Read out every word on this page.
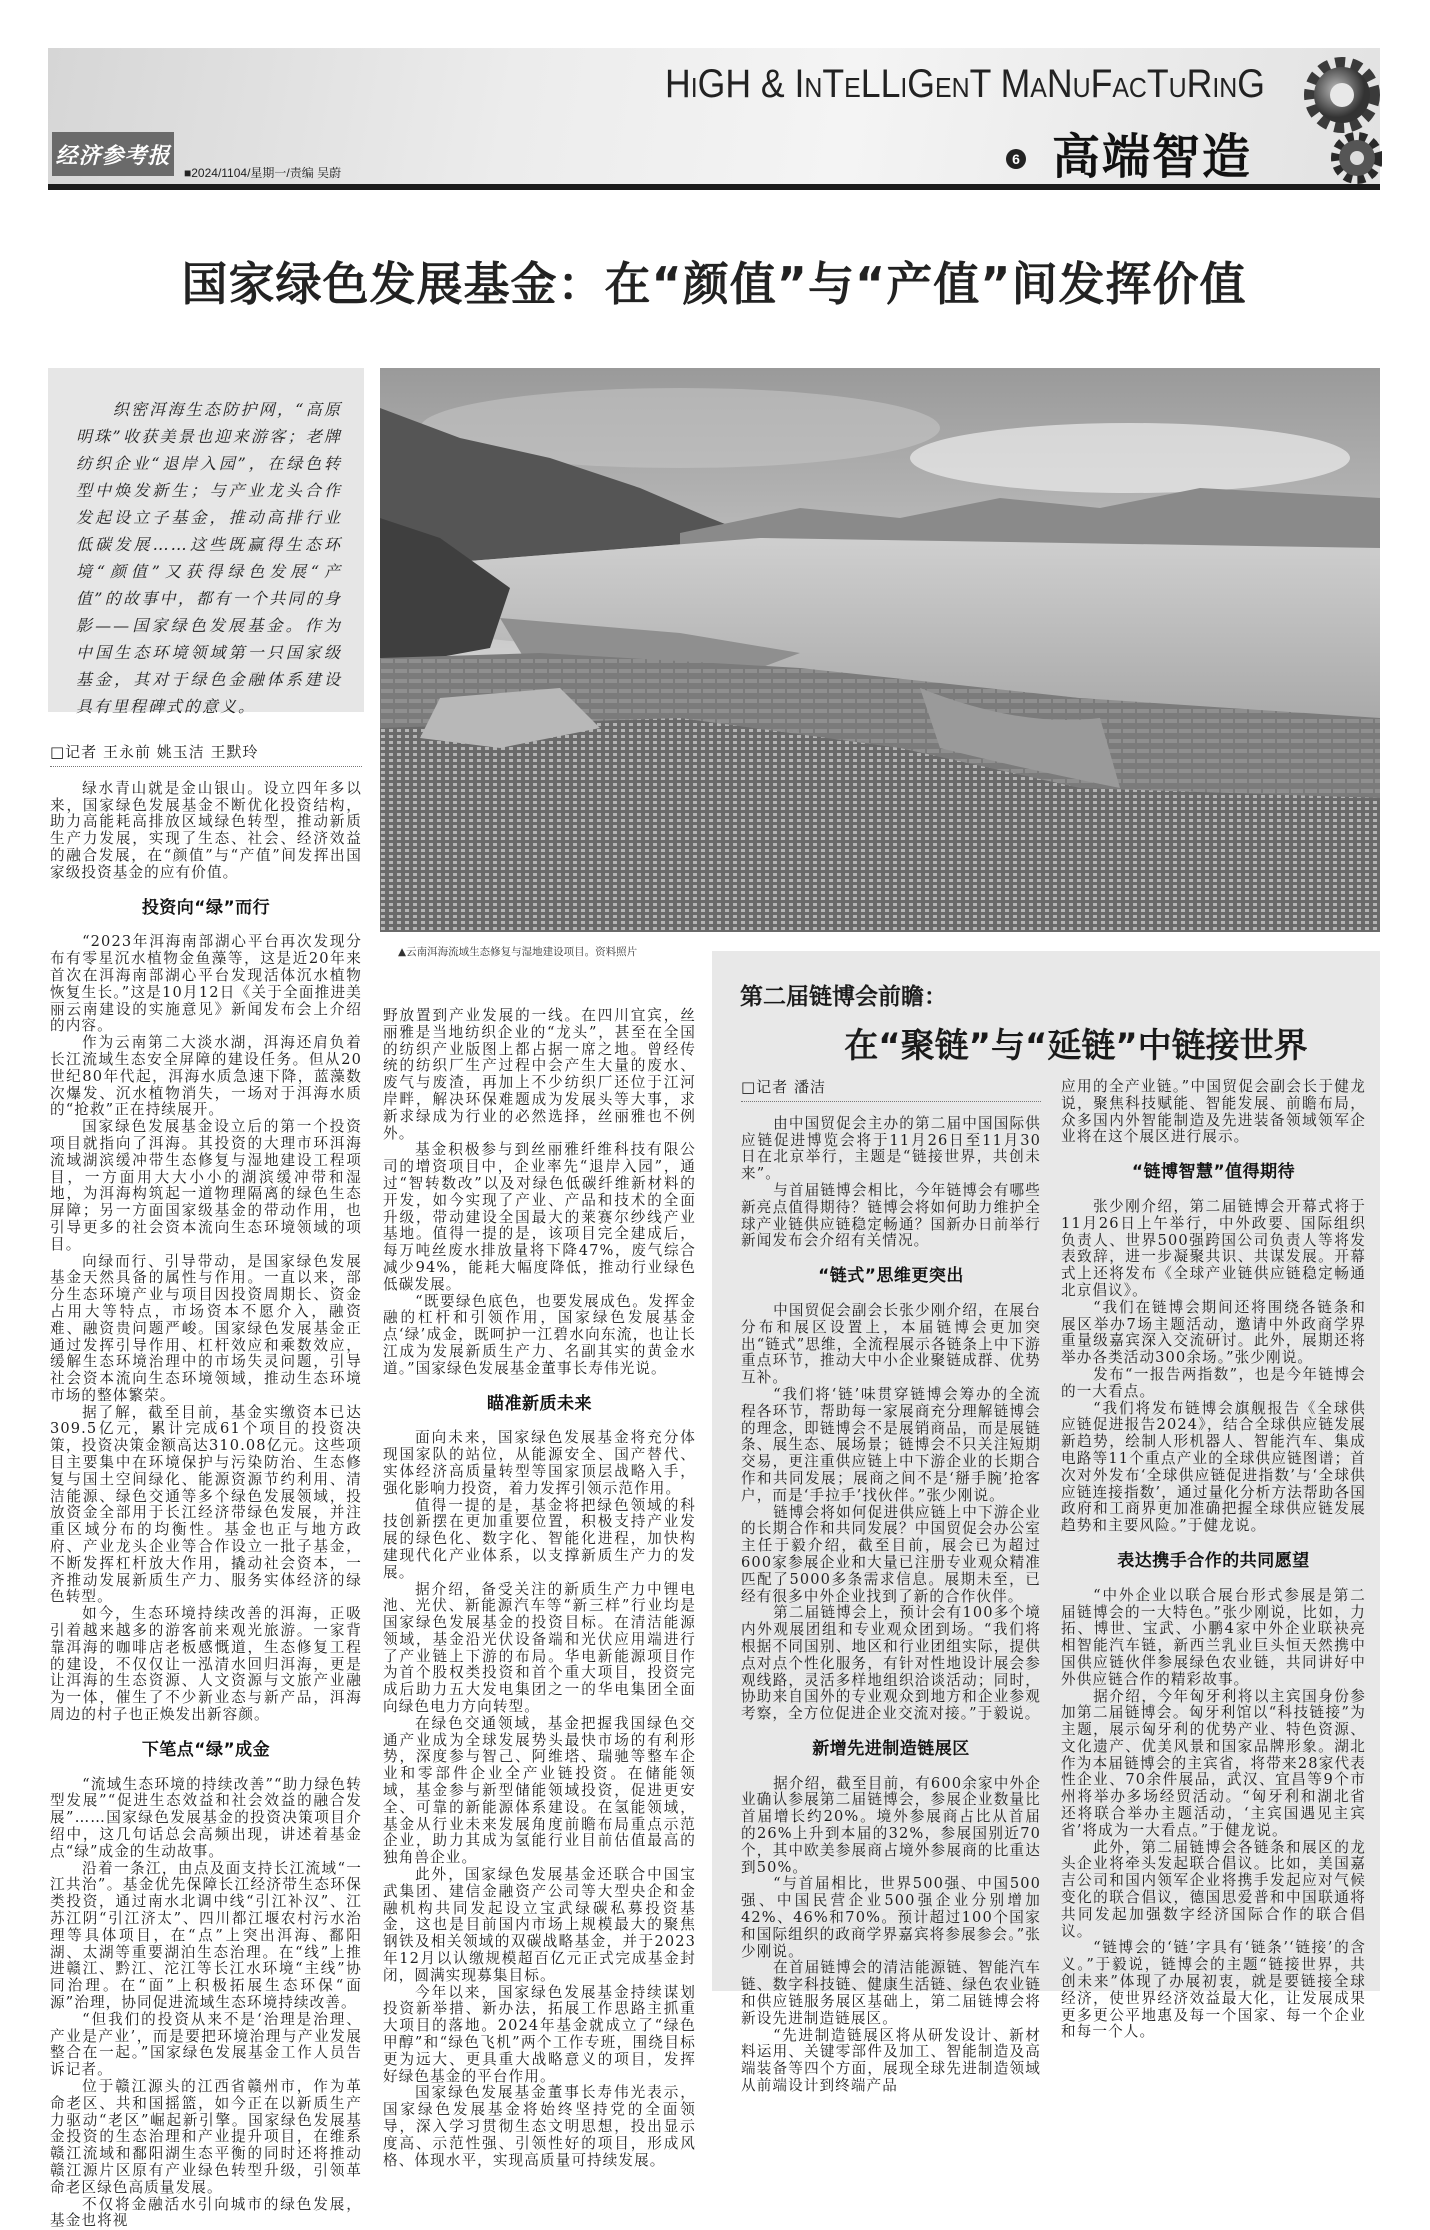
经济参考报
■2024/1104/星期一/责编 吴蔚
HiGH & InTeLLiGenT MaNuFacTuRinG
6 高端智造
国家绿色发展基金：在“颜值”与“产值”间发挥价值
织密洱海生态防护网，“高原明珠”收获美景也迎来游客；老牌纺织企业“退岸入园”，在绿色转型中焕发新生；与产业龙头合作发起设立子基金，推动高排行业低碳发展……这些既赢得生态环境“颜值”又获得绿色发展“产值”的故事中，都有一个共同的身影——国家绿色发展基金。作为中国生态环境领域第一只国家级基金，其对于绿色金融体系建设具有里程碑式的意义。
▲云南洱海流域生态修复与湿地建设项目。资料照片
□记者 王永前 姚玉洁 王默玲

绿水青山就是金山银山。设立四年多以来，国家绿色发展基金不断优化投资结构，助力高能耗高排放区域绿色转型，推动新质生产力发展，实现了生态、社会、经济效益的融合发展，在“颜值”与“产值”间发挥出国家级投资基金的应有价值。

投资向“绿”而行

“2023年洱海南部湖心平台再次发现分布有零星沉水植物金鱼藻等，这是近20年来首次在洱海南部湖心平台发现活体沉水植物恢复生长。”这是10月12日《关于全面推进美丽云南建设的实施意见》新闻发布会上介绍的内容。

作为云南第二大淡水湖，洱海还肩负着长江流域生态安全屏障的建设任务。但从20世纪80年代起，洱海水质急速下降，蓝藻数次爆发、沉水植物消失，一场对于洱海水质的“抢救”正在持续展开。

国家绿色发展基金设立后的第一个投资项目就指向了洱海。其投资的大理市环洱海流域湖滨缓冲带生态修复与湿地建设工程项目，一方面用大大小小的湖滨缓冲带和湿地，为洱海构筑起一道物理隔离的绿色生态屏障；另一方面国家级基金的带动作用，也引导更多的社会资本流向生态环境领域的项目。

向绿而行、引导带动，是国家绿色发展基金天然具备的属性与作用。一直以来，部分生态环境产业与项目因投资周期长、资金占用大等特点，市场资本不愿介入，融资难、融资贵问题严峻。国家绿色发展基金正通过发挥引导作用、杠杆效应和乘数效应，缓解生态环境治理中的市场失灵问题，引导社会资本流向生态环境领域，推动生态环境市场的整体繁荣。

据了解，截至目前，基金实缴资本已达309.5亿元，累计完成61个项目的投资决策，投资决策金额高达310.08亿元。这些项目主要集中在环境保护与污染防治、生态修复与国土空间绿化、能源资源节约利用、清洁能源、绿色交通等多个绿色发展领域，投放资金全部用于长江经济带绿色发展，并注重区域分布的均衡性。基金也正与地方政府、产业龙头企业等合作设立一批子基金，不断发挥杠杆放大作用，撬动社会资本，一齐推动发展新质生产力、服务实体经济的绿色转型。

如今，生态环境持续改善的洱海，正吸引着越来越多的游客前来观光旅游。一家背靠洱海的咖啡店老板感慨道，生态修复工程的建设，不仅仅让一泓清水回归洱海，更是让洱海的生态资源、人文资源与文旅产业融为一体，催生了不少新业态与新产品，洱海周边的村子也正焕发出新容颜。

下笔点“绿”成金

“流域生态环境的持续改善”“助力绿色转型发展”“促进生态效益和社会效益的融合发展”……国家绿色发展基金的投资决策项目介绍中，这几句话总会高频出现，讲述着基金点“绿”成金的生动故事。

沿着一条江，由点及面支持长江流域“一江共治”。基金优先保障长江经济带生态环保类投资，通过南水北调中线“引江补汉”、江苏江阴“引江济太”、四川都江堰农村污水治理等具体项目，在“点”上突出洱海、鄱阳湖、太湖等重要湖泊生态治理。在“线”上推进赣江、黔江、沱江等长江水环境“主线”协同治理。在“面”上积极拓展生态环保“面源”治理，协同促进流域生态环境持续改善。

“但我们的投资从来不是‘治理是治理、产业是产业’，而是要把环境治理与产业发展整合在一起。”国家绿色发展基金工作人员告诉记者。

位于赣江源头的江西省赣州市，作为革命老区、共和国摇篮，如今正在以新质生产力驱动“老区”崛起新引擎。国家绿色发展基金投资的生态治理和产业提升项目，在维系赣江流域和鄱阳湖生态平衡的同时还将推动赣江源片区原有产业绿色转型升级，引领革命老区绿色高质量发展。

不仅将金融活水引向城市的绿色发展，基金也将视

野放置到产业发展的一线。在四川宜宾，丝丽雅是当地纺织企业的“龙头”，甚至在全国的纺织产业版图上都占据一席之地。曾经传统的纺织厂生产过程中会产生大量的废水、废气与废渣，再加上不少纺织厂还位于江河岸畔，解决环保难题成为发展头等大事，求新求绿成为行业的必然选择，丝丽雅也不例外。

基金积极参与到丝丽雅纤维科技有限公司的增资项目中，企业率先“退岸入园”，通过“智转数改”以及对绿色低碳纤维新材料的开发，如今实现了产业、产品和技术的全面升级，带动建设全国最大的莱赛尔纱线产业基地。值得一提的是，该项目完全建成后，每万吨丝废水排放量将下降47%，废气综合减少94%，能耗大幅度降低，推动行业绿色低碳发展。

“既要绿色底色，也要发展成色。发挥金融的杠杆和引领作用，国家绿色发展基金点‘绿’成金，既呵护一江碧水向东流，也让长江成为发展新质生产力、名副其实的黄金水道。”国家绿色发展基金董事长寿伟光说。

瞄准新质未来

面向未来，国家绿色发展基金将充分体现国家队的站位，从能源安全、国产替代、实体经济高质量转型等国家顶层战略入手，强化影响力投资，着力发挥引领示范作用。

值得一提的是，基金将把绿色领域的科技创新摆在更加重要位置，积极支持产业发展的绿色化、数字化、智能化进程，加快构建现代化产业体系，以支撑新质生产力的发展。

据介绍，备受关注的新质生产力中锂电池、光伏、新能源汽车等“新三样”行业均是国家绿色发展基金的投资目标。在清洁能源领域，基金沿光伏设备端和光伏应用端进行了产业链上下游的布局。华电新能源项目作为首个股权类投资和首个重大项目，投资完成后助力五大发电集团之一的华电集团全面向绿色电力方向转型。

在绿色交通领域，基金把握我国绿色交通产业成为全球发展势头最快市场的有利形势，深度参与智己、阿维塔、瑞驰等整车企业和零部件企业全产业链投资。在储能领域，基金参与新型储能领域投资，促进更安全、可靠的新能源体系建设。在氢能领域，基金从行业未来发展角度前瞻布局重点示范企业，助力其成为氢能行业目前估值最高的独角兽企业。

此外，国家绿色发展基金还联合中国宝武集团、建信金融资产公司等大型央企和金融机构共同发起设立宝武绿碳私募投资基金，这也是目前国内市场上规模最大的聚焦钢铁及相关领域的双碳战略基金，并于2023年12月以认缴规模超百亿元正式完成基金封闭，圆满实现募集目标。

今年以来，国家绿色发展基金持续谋划投资新举措、新办法，拓展工作思路主抓重大项目的落地。2024年基金就成立了“绿色甲醇”和“绿色飞机”两个工作专班，围绕目标更为远大、更具重大战略意义的项目，发挥好绿色基金的平台作用。

国家绿色发展基金董事长寿伟光表示，国家绿色发展基金将始终坚持党的全面领导，深入学习贯彻生态文明思想，投出显示度高、示范性强、引领性好的项目，形成风格、体现水平，实现高质量可持续发展。

第二届链博会前瞻：
在“聚链”与“延链”中链接世界
□记者 潘洁

由中国贸促会主办的第二届中国国际供应链促进博览会将于11月26日至11月30日在北京举行，主题是“链接世界，共创未来”。

与首届链博会相比，今年链博会有哪些新亮点值得期待？链博会将如何助力维护全球产业链供应链稳定畅通？国新办日前举行新闻发布会介绍有关情况。

“链式”思维更突出

中国贸促会副会长张少刚介绍，在展台分布和展区设置上，本届链博会更加突出“链式”思维，全流程展示各链条上中下游重点环节，推动大中小企业聚链成群、优势互补。

“我们将‘链’味贯穿链博会筹办的全流程各环节，帮助每一家展商充分理解链博会的理念，即链博会不是展销商品，而是展链条、展生态、展场景；链博会不只关注短期交易，更注重供应链上中下游企业的长期合作和共同发展；展商之间不是‘掰手腕’抢客户，而是‘手拉手’找伙伴。”张少刚说。

链博会将如何促进供应链上中下游企业的长期合作和共同发展？中国贸促会办公室主任于毅介绍，截至目前，展会已为超过600家参展企业和大量已注册专业观众精准匹配了5000多条需求信息。展期未至，已经有很多中外企业找到了新的合作伙伴。

第二届链博会上，预计会有100多个境内外观展团组和专业观众团到场。“我们将根据不同国别、地区和行业团组实际，提供点对点个性化服务，有针对性地设计展会参观线路，灵活多样地组织洽谈活动；同时，协助来自国外的专业观众到地方和企业参观考察，全方位促进企业交流对接。”于毅说。

新增先进制造链展区

据介绍，截至目前，有600余家中外企业确认参展第二届链博会，参展企业数量比首届增长约20%。境外参展商占比从首届的26%上升到本届的32%，参展国别近70个，其中欧美参展商占境外参展商的比重达到50%。

“与首届相比，世界500强、中国500强、中国民营企业500强企业分别增加42%、46%和70%。预计超过100个国家和国际组织的政商学界嘉宾将参展参会。”张少刚说。

在首届链博会的清洁能源链、智能汽车链、数字科技链、健康生活链、绿色农业链和供应链服务展区基础上，第二届链博会将新设先进制造链展区。

“先进制造链展区将从研发设计、新材料运用、关键零部件及加工、智能制造及高端装备等四个方面，展现全球先进制造领域从前端设计到终端产品

应用的全产业链。”中国贸促会副会长于健龙说，聚焦科技赋能、智能发展、前瞻布局，众多国内外智能制造及先进装备领域领军企业将在这个展区进行展示。

“链博智慧”值得期待

张少刚介绍，第二届链博会开幕式将于11月26日上午举行，中外政要、国际组织负责人、世界500强跨国公司负责人等将发表致辞，进一步凝聚共识、共谋发展。开幕式上还将发布《全球产业链供应链稳定畅通北京倡议》。

“我们在链博会期间还将围绕各链条和展区举办7场主题活动，邀请中外政商学界重量级嘉宾深入交流研讨。此外，展期还将举办各类活动300余场。”张少刚说。

发布“一报告两指数”，也是今年链博会的一大看点。

“我们将发布链博会旗舰报告《全球供应链促进报告2024》，结合全球供应链发展新趋势，绘制人形机器人、智能汽车、集成电路等11个重点产业的全球供应链图谱；首次对外发布‘全球供应链促进指数’与‘全球供应链连接指数’，通过量化分析方法帮助各国政府和工商界更加准确把握全球供应链发展趋势和主要风险。”于健龙说。

表达携手合作的共同愿望

“中外企业以联合展台形式参展是第二届链博会的一大特色。”张少刚说，比如，力拓、博世、宝武、小鹏4家中外企业联袂亮相智能汽车链，新西兰乳业巨头恒天然携中国供应链伙伴参展绿色农业链，共同讲好中外供应链合作的精彩故事。

据介绍，今年匈牙利将以主宾国身份参加第二届链博会。匈牙利馆以“科技链接”为主题，展示匈牙利的优势产业、特色资源、文化遗产、优美风景和国家品牌形象。湖北作为本届链博会的主宾省，将带来28家代表性企业、70余件展品，武汉、宜昌等9个市州将举办多场经贸活动。“匈牙利和湖北省还将联合举办主题活动，‘主宾国遇见主宾省’将成为一大看点。”于健龙说。

此外，第二届链博会各链条和展区的龙头企业将牵头发起联合倡议。比如，美国嘉吉公司和国内领军企业将携手发起应对气候变化的联合倡议，德国思爱普和中国联通将共同发起加强数字经济国际合作的联合倡议。

“链博会的‘链’字具有‘链条’‘链接’的含义。”于毅说，链博会的主题“链接世界，共创未来”体现了办展初衷，就是要链接全球经济，使世界经济效益最大化，让发展成果更多更公平地惠及每一个国家、每一个企业和每一个人。
